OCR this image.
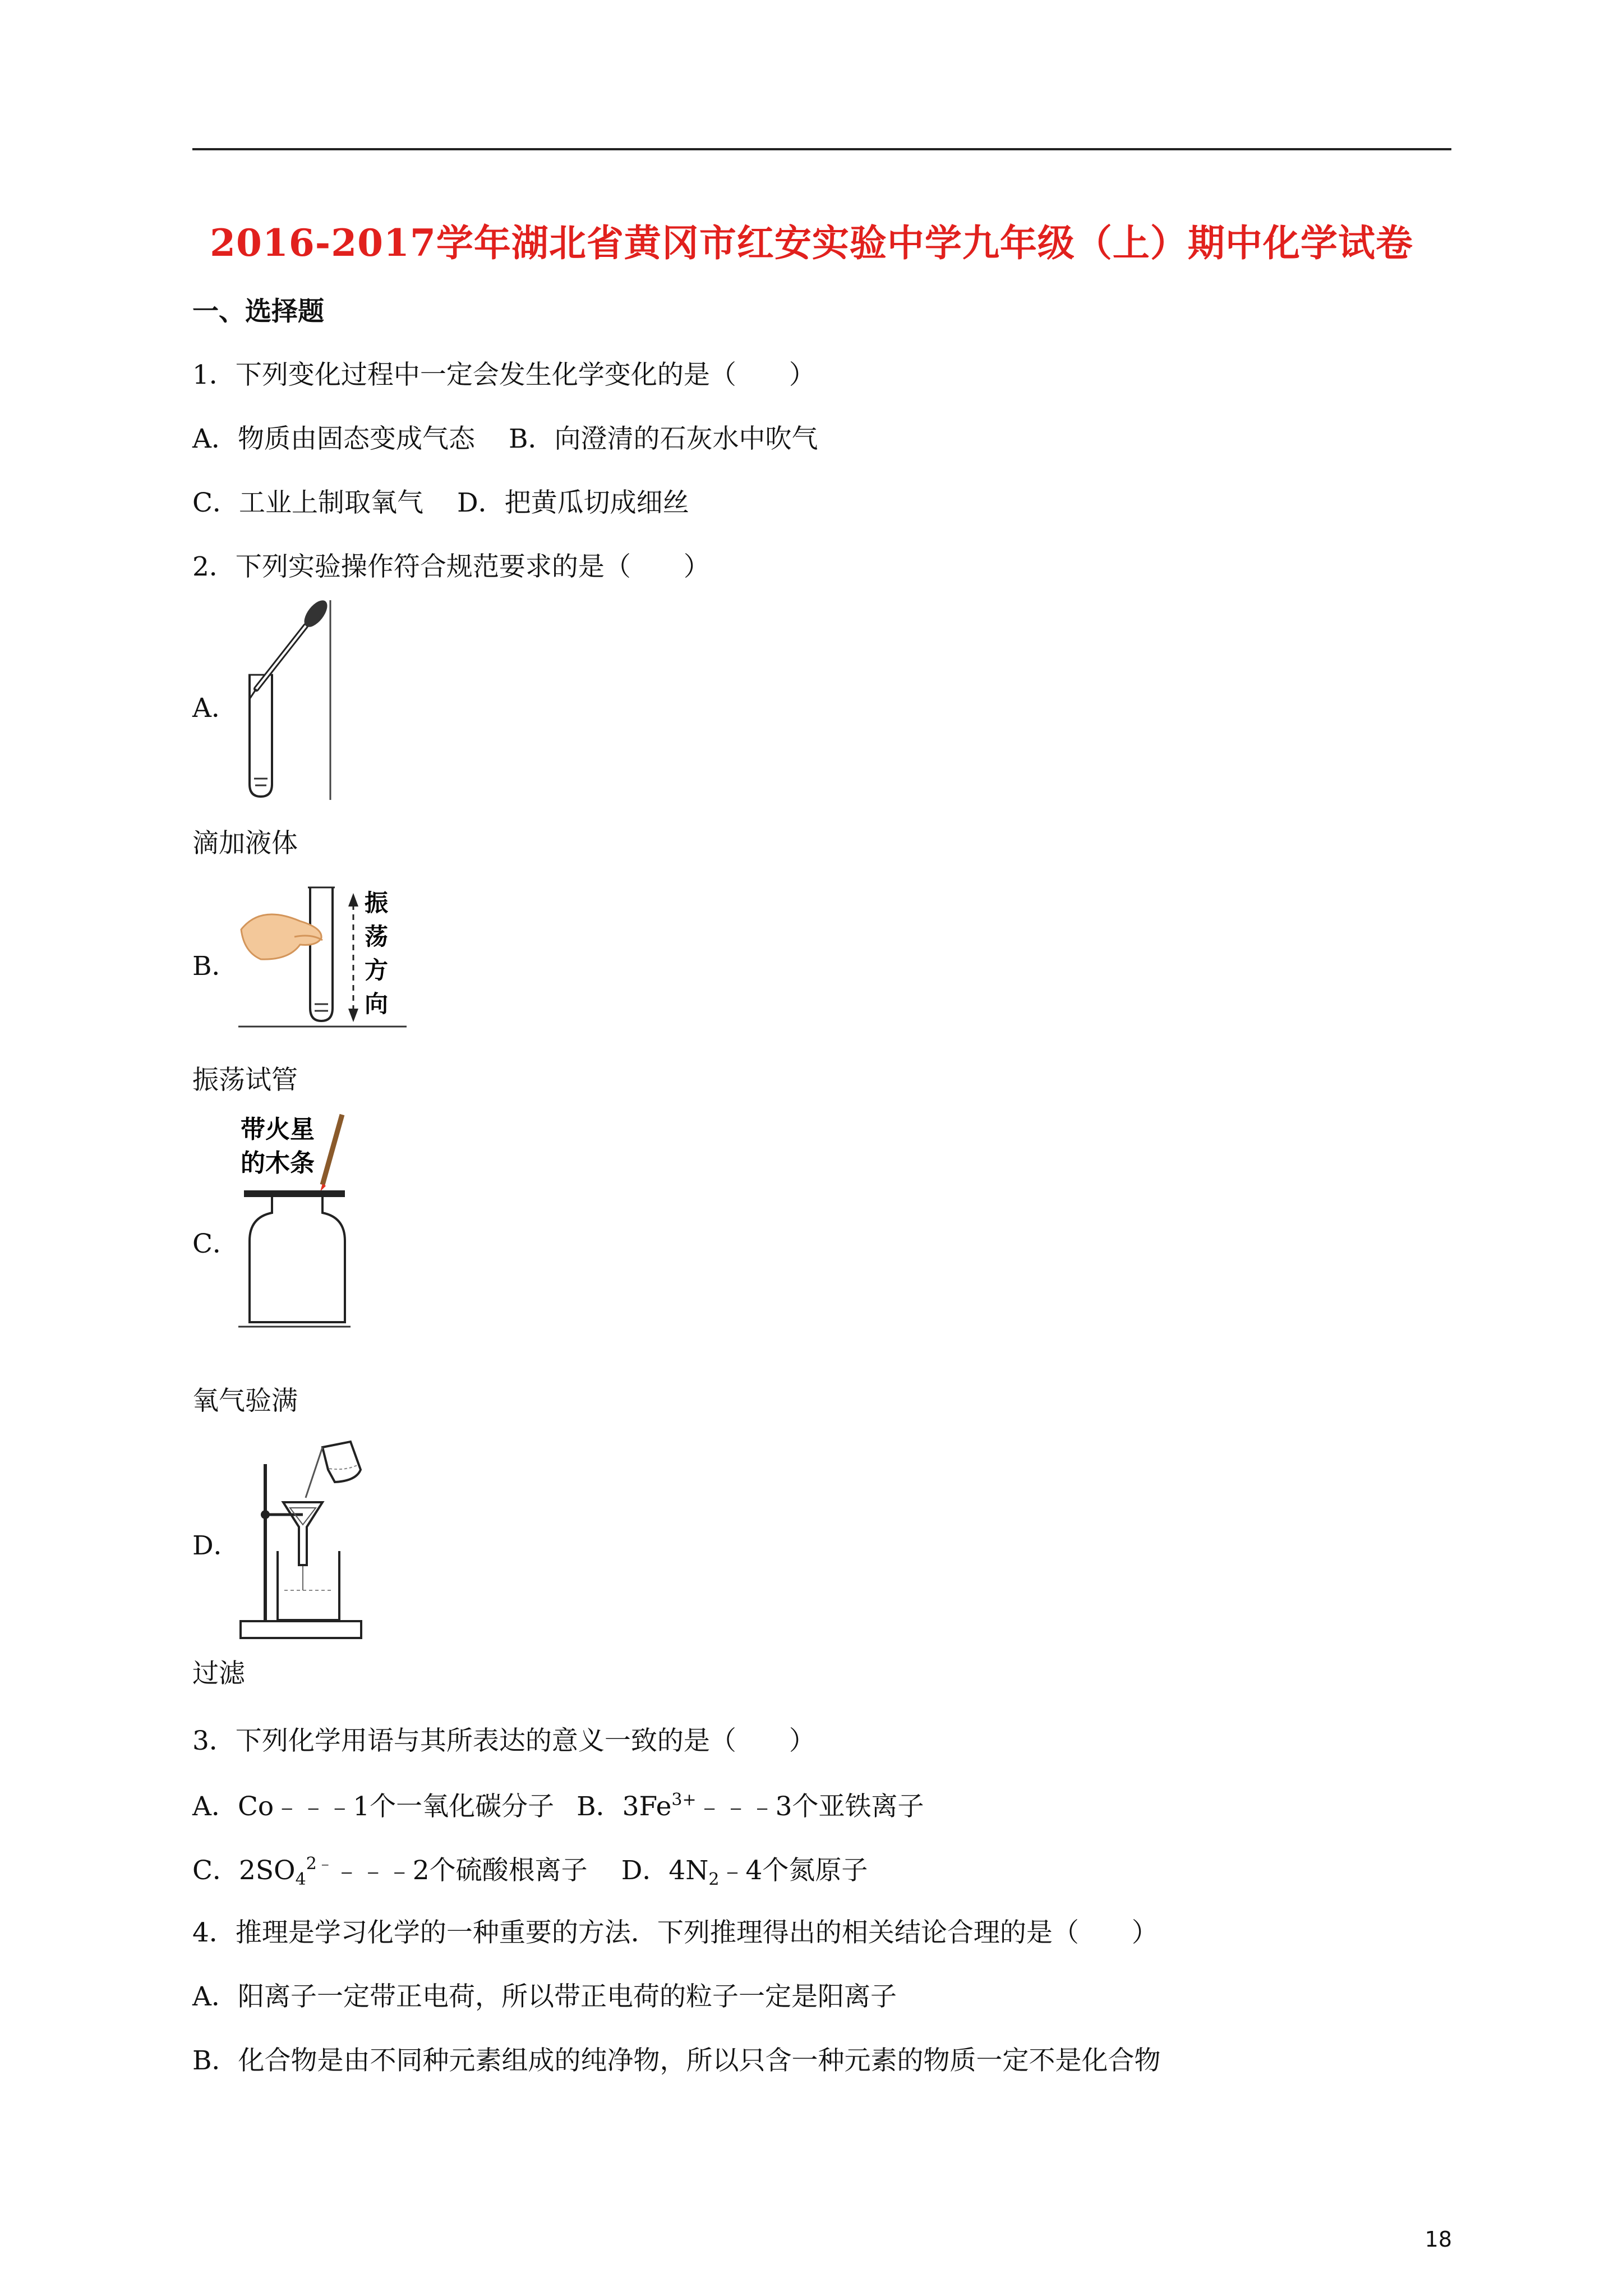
2016-2017学年湖北省黄冈市红安实验中学九年级（上）期中化学试卷
一、选择题
1．下列变化过程中一定会发生化学变化的是（　　）
A．物质由固态变成气态 B．向澄清的石灰水中吹气
C．工业上制取氧气 D．把黄瓜切成细丝
2．下列实验操作符合规范要求的是（　　）
A．
滴加液体
B．
振
荡
方
向
振荡试管
C．
带火星
的木条
氧气验满
D．
过滤
3．下列化学用语与其所表达的意义一致的是（　　）
A．Co﹣﹣﹣1个一氧化碳分子 B．$3Fe^{3+}﹣﹣﹣3$个亚铁离子
C．$2SO_4^{2﹣}﹣﹣﹣2$个硫酸根离子 D．$4N_2﹣4$个氮原子
4．推理是学习化学的一种重要的方法．下列推理得出的相关结论合理的是（　　）
A．阳离子一定带正电荷，所以带正电荷的粒子一定是阳离子
B．化合物是由不同种元素组成的纯净物，所以只含一种元素的物质一定不是化合物
18
